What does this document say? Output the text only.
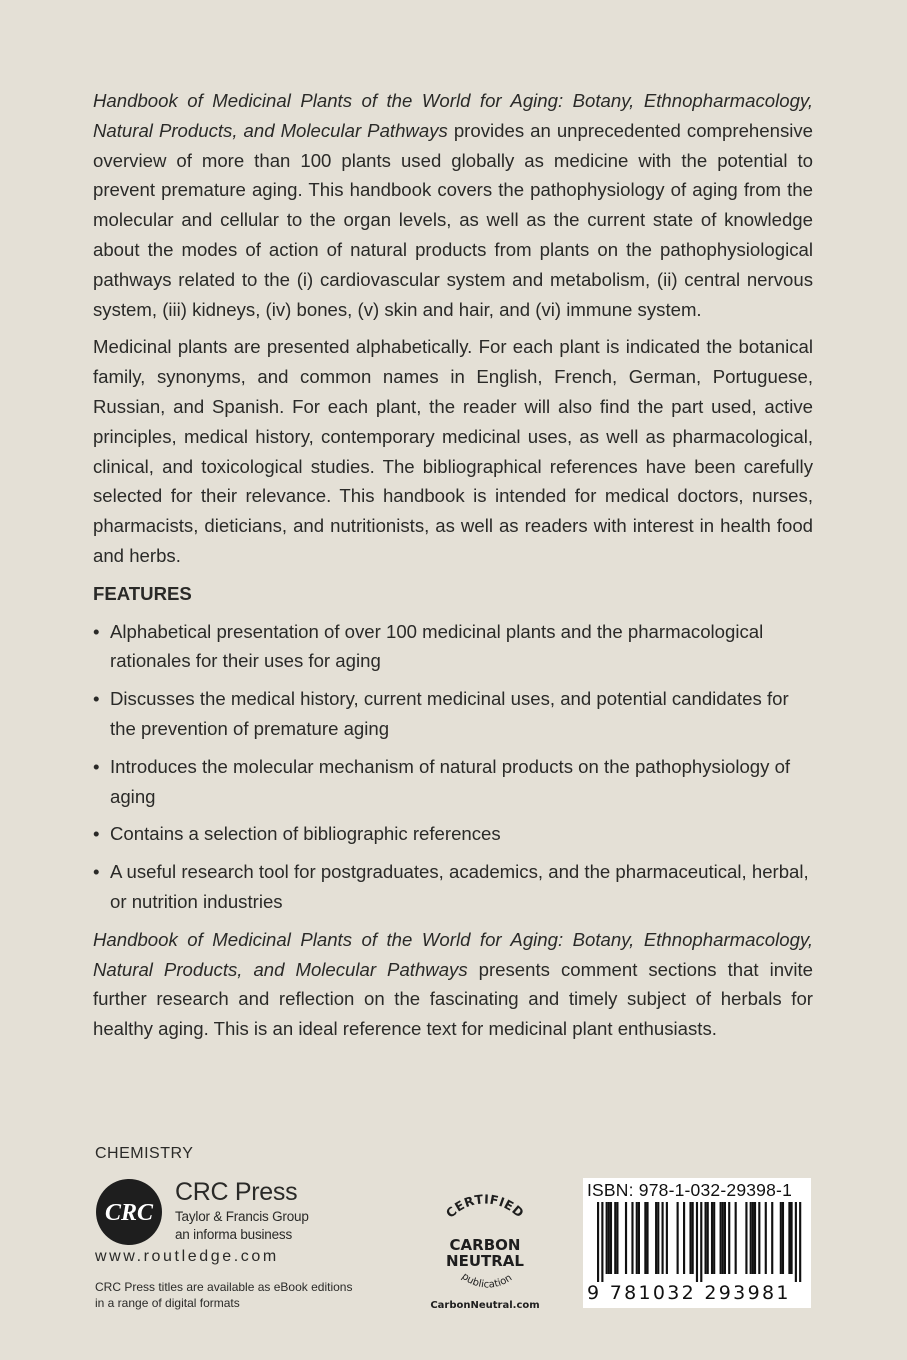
Handbook of Medicinal Plants of the World for Aging: Botany, Ethnopharmacology, Natural Products, and Molecular Pathways provides an unprecedented comprehensive overview of more than 100 plants used globally as medicine with the potential to prevent premature aging. This handbook covers the pathophysiology of aging from the molecular and cellular to the organ levels, as well as the current state of knowledge about the modes of action of natural products from plants on the pathophysiological pathways related to the (i) cardiovascular system and metabolism, (ii) central nervous system, (iii) kidneys, (iv) bones, (v) skin and hair, and (vi) immune system.

Medicinal plants are presented alphabetically. For each plant is indicated the botanical family, synonyms, and common names in English, French, German, Portuguese, Russian, and Spanish. For each plant, the reader will also find the part used, active principles, medical history, contemporary medicinal uses, as well as pharmacological, clinical, and toxicological studies. The bibliographical references have been carefully selected for their relevance. This handbook is intended for medical doctors, nurses, pharmacists, dieticians, and nutritionists, as well as readers with interest in health food and herbs.

FEATURES
• Alphabetical presentation of over 100 medicinal plants and the pharmacological rationales for their uses for aging
• Discusses the medical history, current medicinal uses, and potential candidates for the prevention of premature aging
• Introduces the molecular mechanism of natural products on the pathophysiology of aging
• Contains a selection of bibliographic references
• A useful research tool for postgraduates, academics, and the pharmaceutical, herbal, or nutrition industries

Handbook of Medicinal Plants of the World for Aging: Botany, Ethnopharmacology, Natural Products, and Molecular Pathways presents comment sections that invite further research and reflection on the fascinating and timely subject of herbals for healthy aging. This is an ideal reference text for medicinal plant enthusiasts.

CHEMISTRY
CRC
CRC Press
Taylor & Francis Group
an informa business
www.routledge.com
CRC Press titles are available as eBook editions in a range of digital formats
CERTIFIED
CARBON
NEUTRAL
publication
CarbonNeutral.com
ISBN: 978-1-032-29398-1
9 781032 293981
